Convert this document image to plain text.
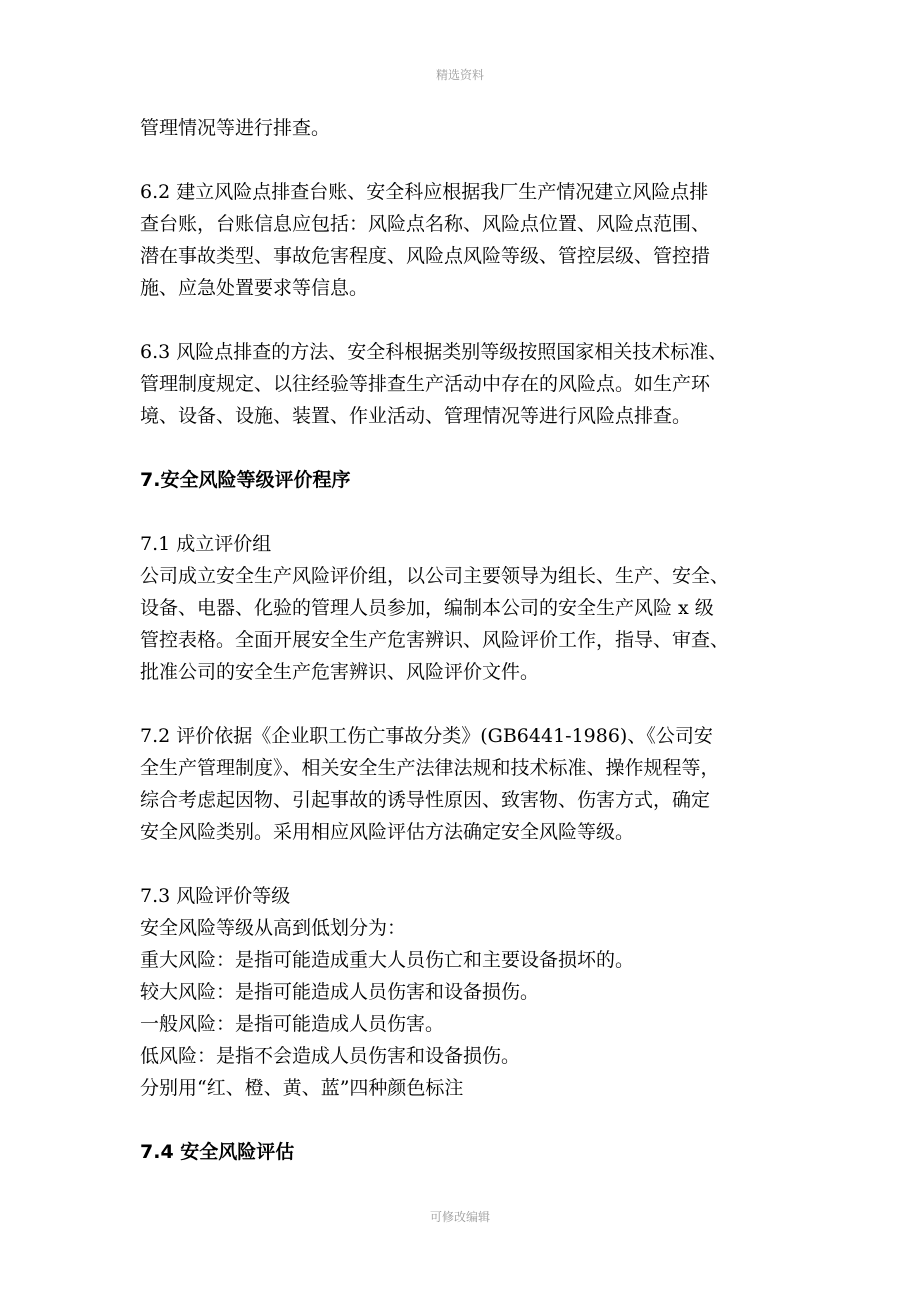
精选资料
管理情况等进行排查。
6.2 建立风险点排查台账、安全科应根据我厂生产情况建立风险点排
查台账，台账信息应包括：风险点名称、风险点位置、风险点范围、
潜在事故类型、事故危害程度、风险点风险等级、管控层级、管控措
施、应急处置要求等信息。
6.3 风险点排查的方法、安全科根据类别等级按照国家相关技术标准、
管理制度规定、以往经验等排查生产活动中存在的风险点。如生产环
境、设备、设施、装置、作业活动、管理情况等进行风险点排查。
7.安全风险等级评价程序
7.1 成立评价组
公司成立安全生产风险评价组，以公司主要领导为组长、生产、安全、
设备、电器、化验的管理人员参加，编制本公司的安全生产风险 x 级
管控表格。全面开展安全生产危害辨识、风险评价工作，指导、审查、
批准公司的安全生产危害辨识、风险评价文件。
7.2 评价依据《企业职工伤亡事故分类》(GB6441-1986)、《公司安
全生产管理制度》、相关安全生产法律法规和技术标准、操作规程等，
综合考虑起因物、引起事故的诱导性原因、致害物、伤害方式，确定
安全风险类别。采用相应风险评估方法确定安全风险等级。
7.3 风险评价等级
安全风险等级从高到低划分为：
重大风险：是指可能造成重大人员伤亡和主要设备损坏的。
较大风险：是指可能造成人员伤害和设备损伤。
一般风险：是指可能造成人员伤害。
低风险：是指不会造成人员伤害和设备损伤。
分别用“红、橙、黄、蓝”四种颜色标注
7.4 安全风险评估
可修改编辑
